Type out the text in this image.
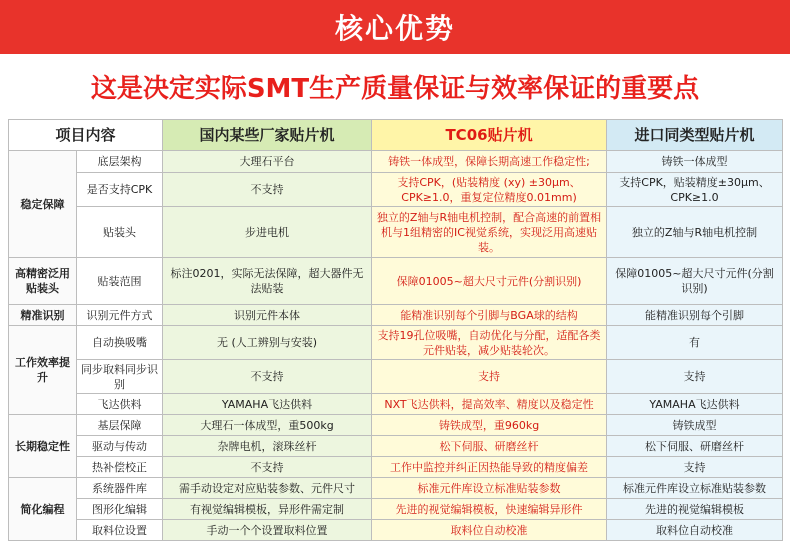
核心优势
这是决定实际SMT生产质量保证与效率保证的重要点
项目内容		国内某些厂家贴片机	TC06贴片机	进口同类型贴片机
稳定保障	底层架构	大理石平台	铸铁一体成型，保障长期高速工作稳定性;	铸铁一体成型
	是否支持CPK	不支持	支持CPK，(贴装精度 (xy) ±30μm、CPK≥1.0，重复定位精度0.01mm)	支持CPK，贴装精度±30μm、CPK≥1.0
	贴装头	步进电机	独立的Z轴与R轴电机控制，配合高速的前置相机与1组精密的IC视觉系统，实现泛用高速贴装。	独立的Z轴与R轴电机控制
高精密泛用贴装头	贴装范围	标注0201，实际无法保障，超大器件无法贴装	保障01005~超大尺寸元件(分割识别)	保障01005~超大尺寸元件(分割识别)
精准识别	识别元件方式	识别元件本体	能精准识别每个引脚与BGA球的结构	能精准识别每个引脚
工作效率提升	自动换吸嘴	无 (人工辨别与安装)	支持19孔位吸嘴，自动优化与分配，适配各类元件贴装，减少贴装轮次。	有
	同步取料同步识别	不支持	支持	支持
	飞达供料	YAMAHA飞达供料	NXT飞达供料，提高效率、精度以及稳定性	YAMAHA飞达供料
长期稳定性	基层保障	大理石一体成型，重500kg	铸铁成型，重960kg	铸铁成型
	驱动与传动	杂牌电机，滚珠丝杆	松下伺服、研磨丝杆	松下伺服、研磨丝杆
	热补偿校正	不支持	工作中监控并纠正因热能导致的精度偏差	支持
简化编程	系统器件库	需手动设定对应贴装参数、元件尺寸	标准元件库设立标准贴装参数	标准元件库设立标准贴装参数
	图形化编辑	有视觉编辑模板，异形件需定制	先进的视觉编辑模板，快速编辑异形件	先进的视觉编辑模板
	取料位设置	手动一个个设置取料位置	取料位自动校准	取料位自动校准
